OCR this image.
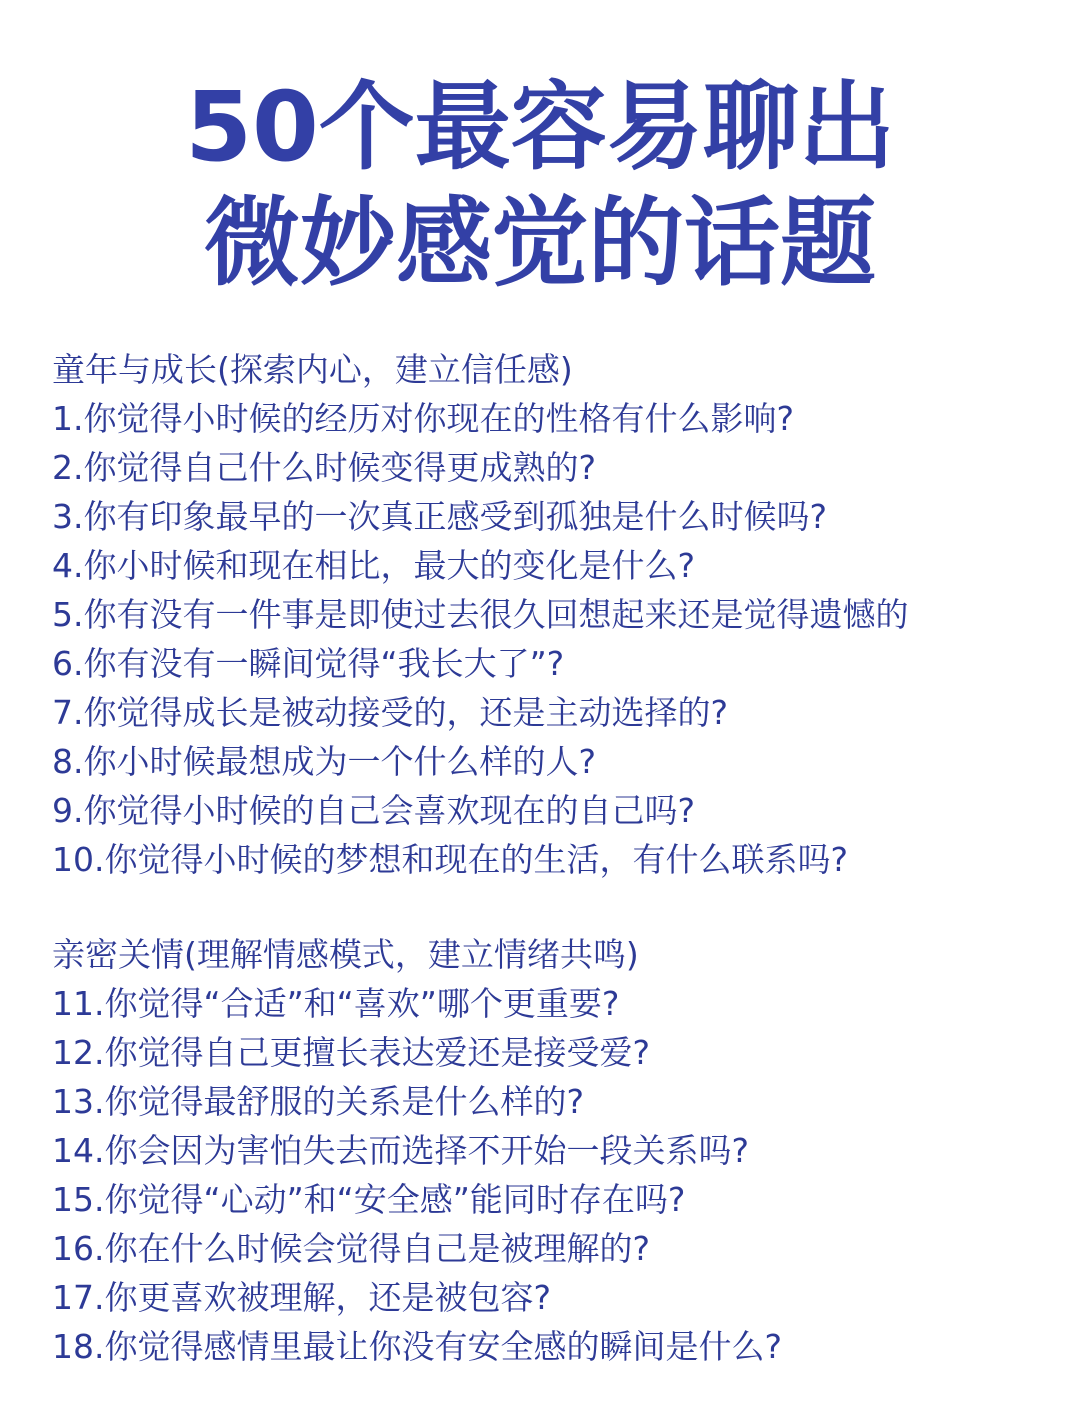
50个最容易聊出
微妙感觉的话题
童年与成长(探索内心，建立信任感)
1.你觉得小时候的经历对你现在的性格有什么影响?
2.你觉得自己什么时候变得更成熟的?
3.你有印象最早的一次真正感受到孤独是什么时候吗?
4.你小时候和现在相比，最大的变化是什么?
5.你有没有一件事是即使过去很久回想起来还是觉得遗憾的
6.你有没有一瞬间觉得“我长大了”?
7.你觉得成长是被动接受的，还是主动选择的?
8.你小时候最想成为一个什么样的人?
9.你觉得小时候的自己会喜欢现在的自己吗?
10.你觉得小时候的梦想和现在的生活，有什么联系吗?
亲密关情(理解情感模式，建立情绪共鸣)
11.你觉得“合适”和“喜欢”哪个更重要?
12.你觉得自己更擅长表达爱还是接受爱?
13.你觉得最舒服的关系是什么样的?
14.你会因为害怕失去而选择不开始一段关系吗?
15.你觉得“心动”和“安全感”能同时存在吗?
16.你在什么时候会觉得自己是被理解的?
17.你更喜欢被理解，还是被包容?
18.你觉得感情里最让你没有安全感的瞬间是什么?
